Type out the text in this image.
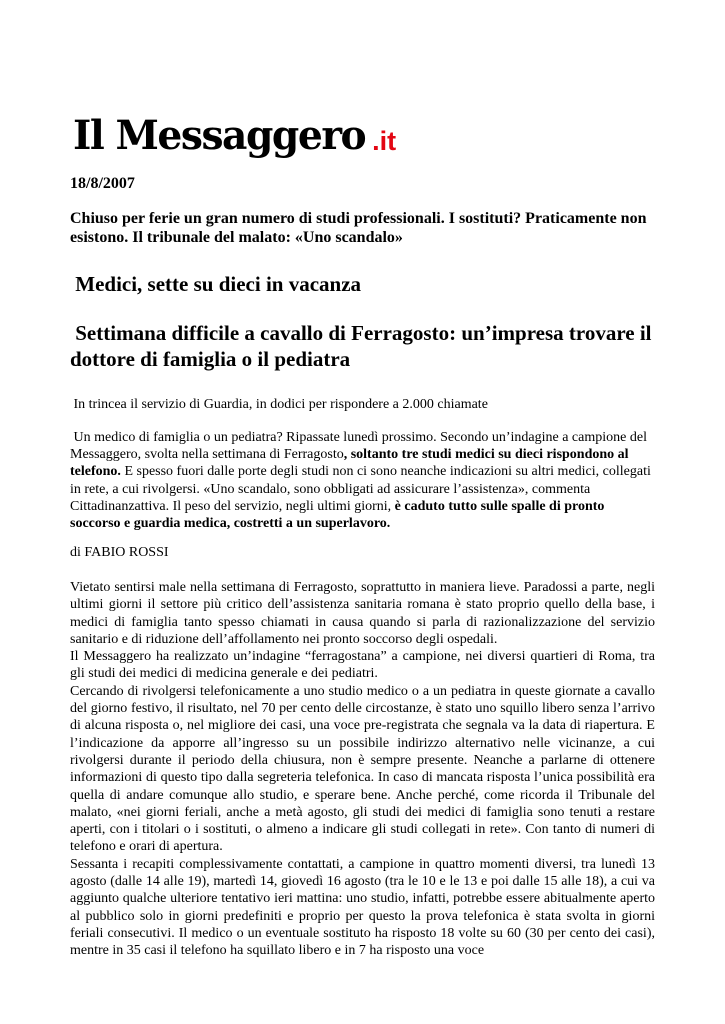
Il Messaggero .it
18/8/2007
Chiuso per ferie un gran numero di studi professionali. I sostituti? Praticamente non esistono. Il tribunale del malato: «Uno scandalo»
Medici, sette su dieci in vacanza
Settimana difficile a cavallo di Ferragosto: un’impresa trovare il dottore di famiglia o il pediatra
In trincea il servizio di Guardia, in dodici per rispondere a 2.000 chiamate
Un medico di famiglia o un pediatra? Ripassate lunedì prossimo. Secondo un’indagine a campione del Messaggero, svolta nella settimana di Ferragosto, soltanto tre studi medici su dieci rispondono al telefono. E spesso fuori dalle porte degli studi non ci sono neanche indicazioni su altri medici, collegati in rete, a cui rivolgersi. «Uno scandalo, sono obbligati ad assicurare l’assistenza», commenta Cittadinanzattiva. Il peso del servizio, negli ultimi giorni, è caduto tutto sulle spalle di pronto soccorso e guardia medica, costretti a un superlavoro.
di FABIO ROSSI

Vietato sentirsi male nella settimana di Ferragosto, soprattutto in maniera lieve. Paradossi a parte, negli ultimi giorni il settore più critico dell’assistenza sanitaria romana è stato proprio quello della base, i medici di famiglia tanto spesso chiamati in causa quando si parla di razionalizzazione del servizio sanitario e di riduzione dell’affollamento nei pronto soccorso degli ospedali.

Il Messaggero ha realizzato un’indagine “ferragostana” a campione, nei diversi quartieri di Roma, tra gli studi dei medici di medicina generale e dei pediatri.

Cercando di rivolgersi telefonicamente a uno studio medico o a un pediatra in queste giornate a cavallo del giorno festivo, il risultato, nel 70 per cento delle circostanze, è stato uno squillo libero senza l’arrivo di alcuna risposta o, nel migliore dei casi, una voce pre-registrata che segnala va la data di riapertura. E l’indicazione da apporre all’ingresso su un possibile indirizzo alternativo nelle vicinanze, a cui rivolgersi durante il periodo della chiusura, non è sempre presente. Neanche a parlarne di ottenere informazioni di questo tipo dalla segreteria telefonica. In caso di mancata risposta l’unica possibilità era quella di andare comunque allo studio, e sperare bene. Anche perché, come ricorda il Tribunale del malato, «nei giorni feriali, anche a metà agosto, gli studi dei medici di famiglia sono tenuti a restare aperti, con i titolari o i sostituti, o almeno a indicare gli studi collegati in rete». Con tanto di numeri di telefono e orari di apertura.

Sessanta i recapiti complessivamente contattati, a campione in quattro momenti diversi, tra lunedì 13 agosto (dalle 14 alle 19), martedì 14, giovedì 16 agosto (tra le 10 e le 13 e poi dalle 15 alle 18), a cui va aggiunto qualche ulteriore tentativo ieri mattina: uno studio, infatti, potrebbe essere abitualmente aperto al pubblico solo in giorni predefiniti e proprio per questo la prova telefonica è stata svolta in giorni feriali consecutivi. Il medico o un eventuale sostituto ha risposto 18 volte su 60 (30 per cento dei casi), mentre in 35 casi il telefono ha squillato libero e in 7 ha risposto una voce
